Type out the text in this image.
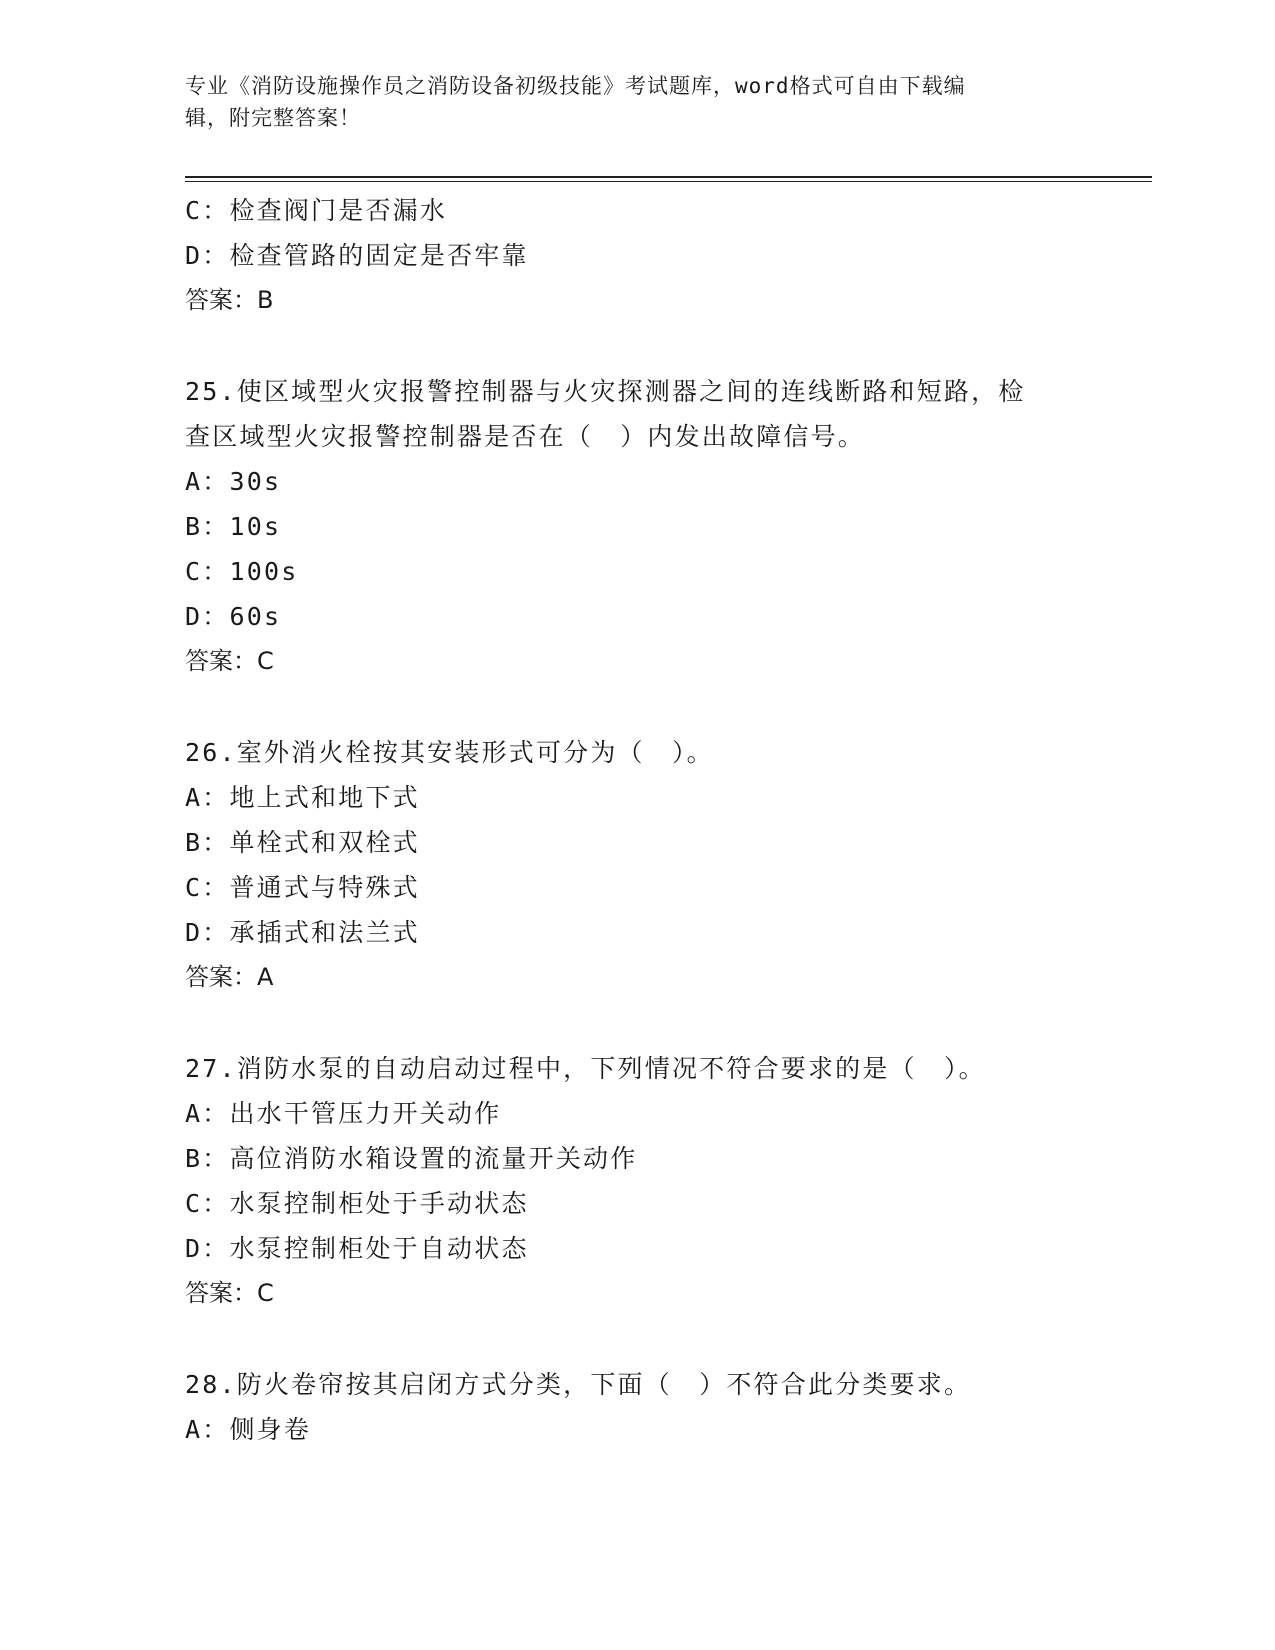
专业《消防设施操作员之消防设备初级技能》考试题库，word格式可自由下载编
辑，附完整答案！
C：检查阀门是否漏水
D：检查管路的固定是否牢靠
答案：B
25.使区域型火灾报警控制器与火灾探测器之间的连线断路和短路，检
查区域型火灾报警控制器是否在（　）内发出故障信号。
A：30s
B：10s
C：100s
D：60s
答案：C
26.室外消火栓按其安装形式可分为（　）。
A：地上式和地下式
B：单栓式和双栓式
C：普通式与特殊式
D：承插式和法兰式
答案：A
27.消防水泵的自动启动过程中，下列情况不符合要求的是（　）。
A：出水干管压力开关动作
B：高位消防水箱设置的流量开关动作
C：水泵控制柜处于手动状态
D：水泵控制柜处于自动状态
答案：C
28.防火卷帘按其启闭方式分类，下面（　）不符合此分类要求。
A：侧身卷
